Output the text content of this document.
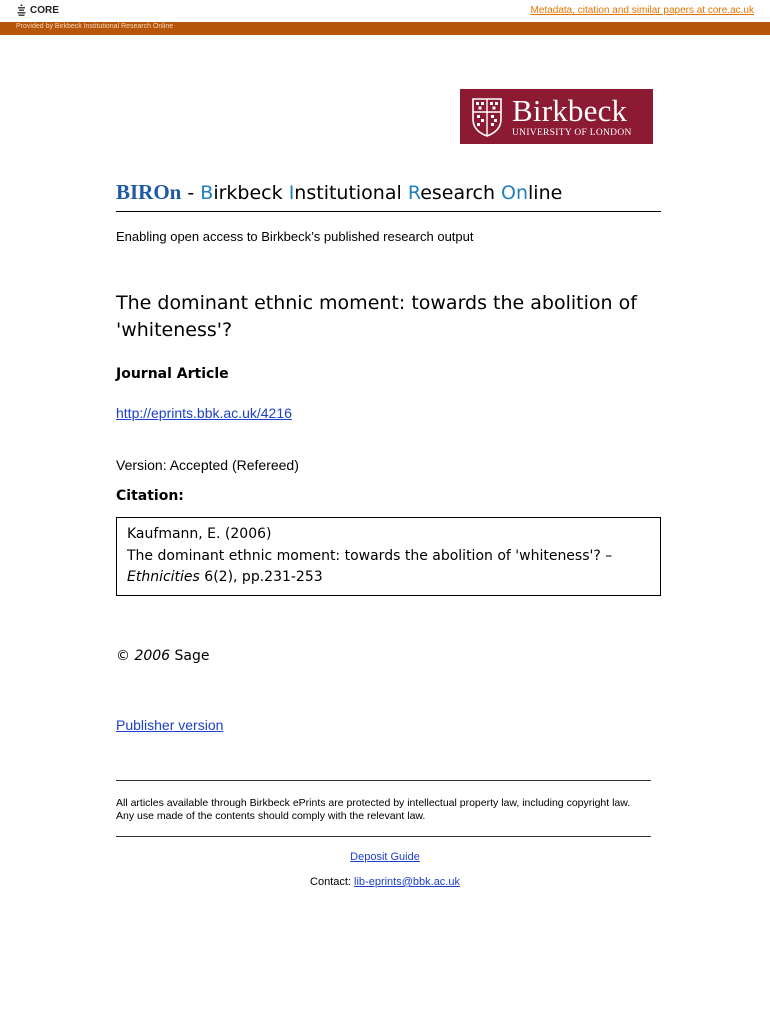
CORE	Metadata, citation and similar papers at core.ac.uk
Provided by Birkbeck Institutional Research Online
Birkbeck
UNIVERSITY OF LONDON
BIROn - Birkbeck Institutional Research Online
Enabling open access to Birkbeck’s published research output
The dominant ethnic moment: towards the abolition of 'whiteness'?
Journal Article
http://eprints.bbk.ac.uk/4216
Version: Accepted (Refereed)
Citation:
Kaufmann, E. (2006)
The dominant ethnic moment: towards the abolition of 'whiteness'? –
Ethnicities 6(2), pp.231-253
© 2006 Sage
Publisher version
All articles available through Birkbeck ePrints are protected by intellectual property law, including copyright law. Any use made of the contents should comply with the relevant law.
Deposit Guide
Contact: lib-eprints@bbk.ac.uk
